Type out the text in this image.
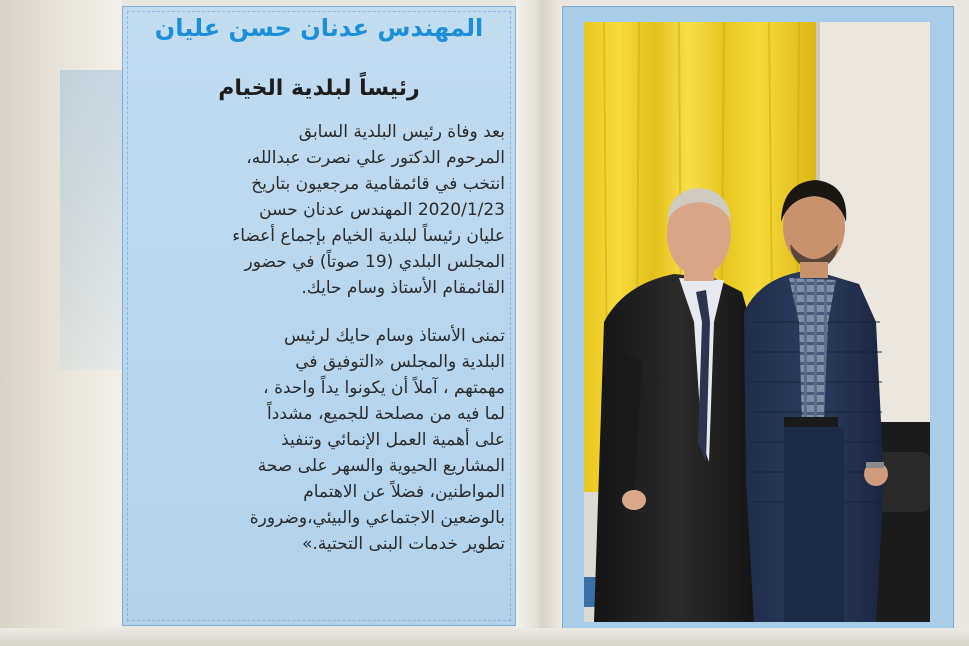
المهندس عدنان حسن عليان
رئيساً لبلدية الخيام
بعد وفاة رئيس البلدية السابق
المرحوم الدكتور علي نصرت عبدالله،
انتخب في قائمقامية مرجعيون بتاريخ
2020/1/23 المهندس عدنان حسن
عليان رئيساً لبلدية الخيام بإجماع أعضاء
المجلس البلدي (19 صوتاً) في حضور
القائمقام الأستاذ وسام حايك.
تمنى الأستاذ وسام حايك لرئيس
البلدية والمجلس «التوفيق في
مهمتهم ، آملاً أن يكونوا يداً واحدة ،
لما فيه من مصلحة للجميع، مشدداً
على أهمية العمل الإنمائي وتنفيذ
المشاريع الحيوية والسهر على صحة
المواطنين، فضلاً عن الاهتمام
بالوضعين الاجتماعي والبيئي،وضرورة
تطوير خدمات البنى التحتية.»
